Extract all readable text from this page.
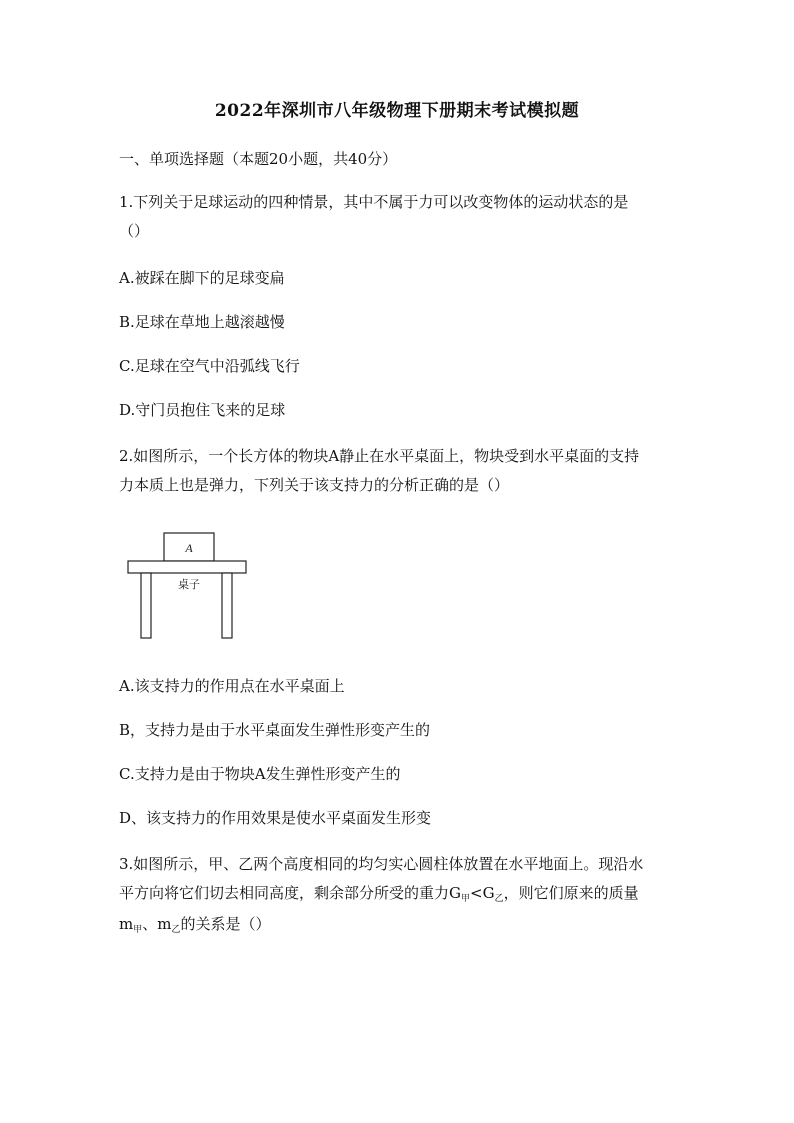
2022年深圳市八年级物理下册期末考试模拟题
一、单项选择题（本题20小题，共40分）
1.下列关于足球运动的四种情景，其中不属于力可以改变物体的运动状态的是
（）
A.被踩在脚下的足球变扁
B.足球在草地上越滚越慢
C.足球在空气中沿弧线飞行
D.守门员抱住飞来的足球
2.如图所示，一个长方体的物块A静止在水平桌面上，物块受到水平桌面的支持
力本质上也是弹力，下列关于该支持力的分析正确的是（）
A
桌子
A.该支持力的作用点在水平桌面上
B，支持力是由于水平桌面发生弹性形变产生的
C.支持力是由于物块A发生弹性形变产生的
D、该支持力的作用效果是使水平桌面发生形变
3.如图所示，甲、乙两个高度相同的均匀实心圆柱体放置在水平地面上。现沿水
平方向将它们切去相同高度，剩余部分所受的重力$G_甲<G_乙$，则它们原来的质量
$m_甲$、$m_乙$的关系是（）
